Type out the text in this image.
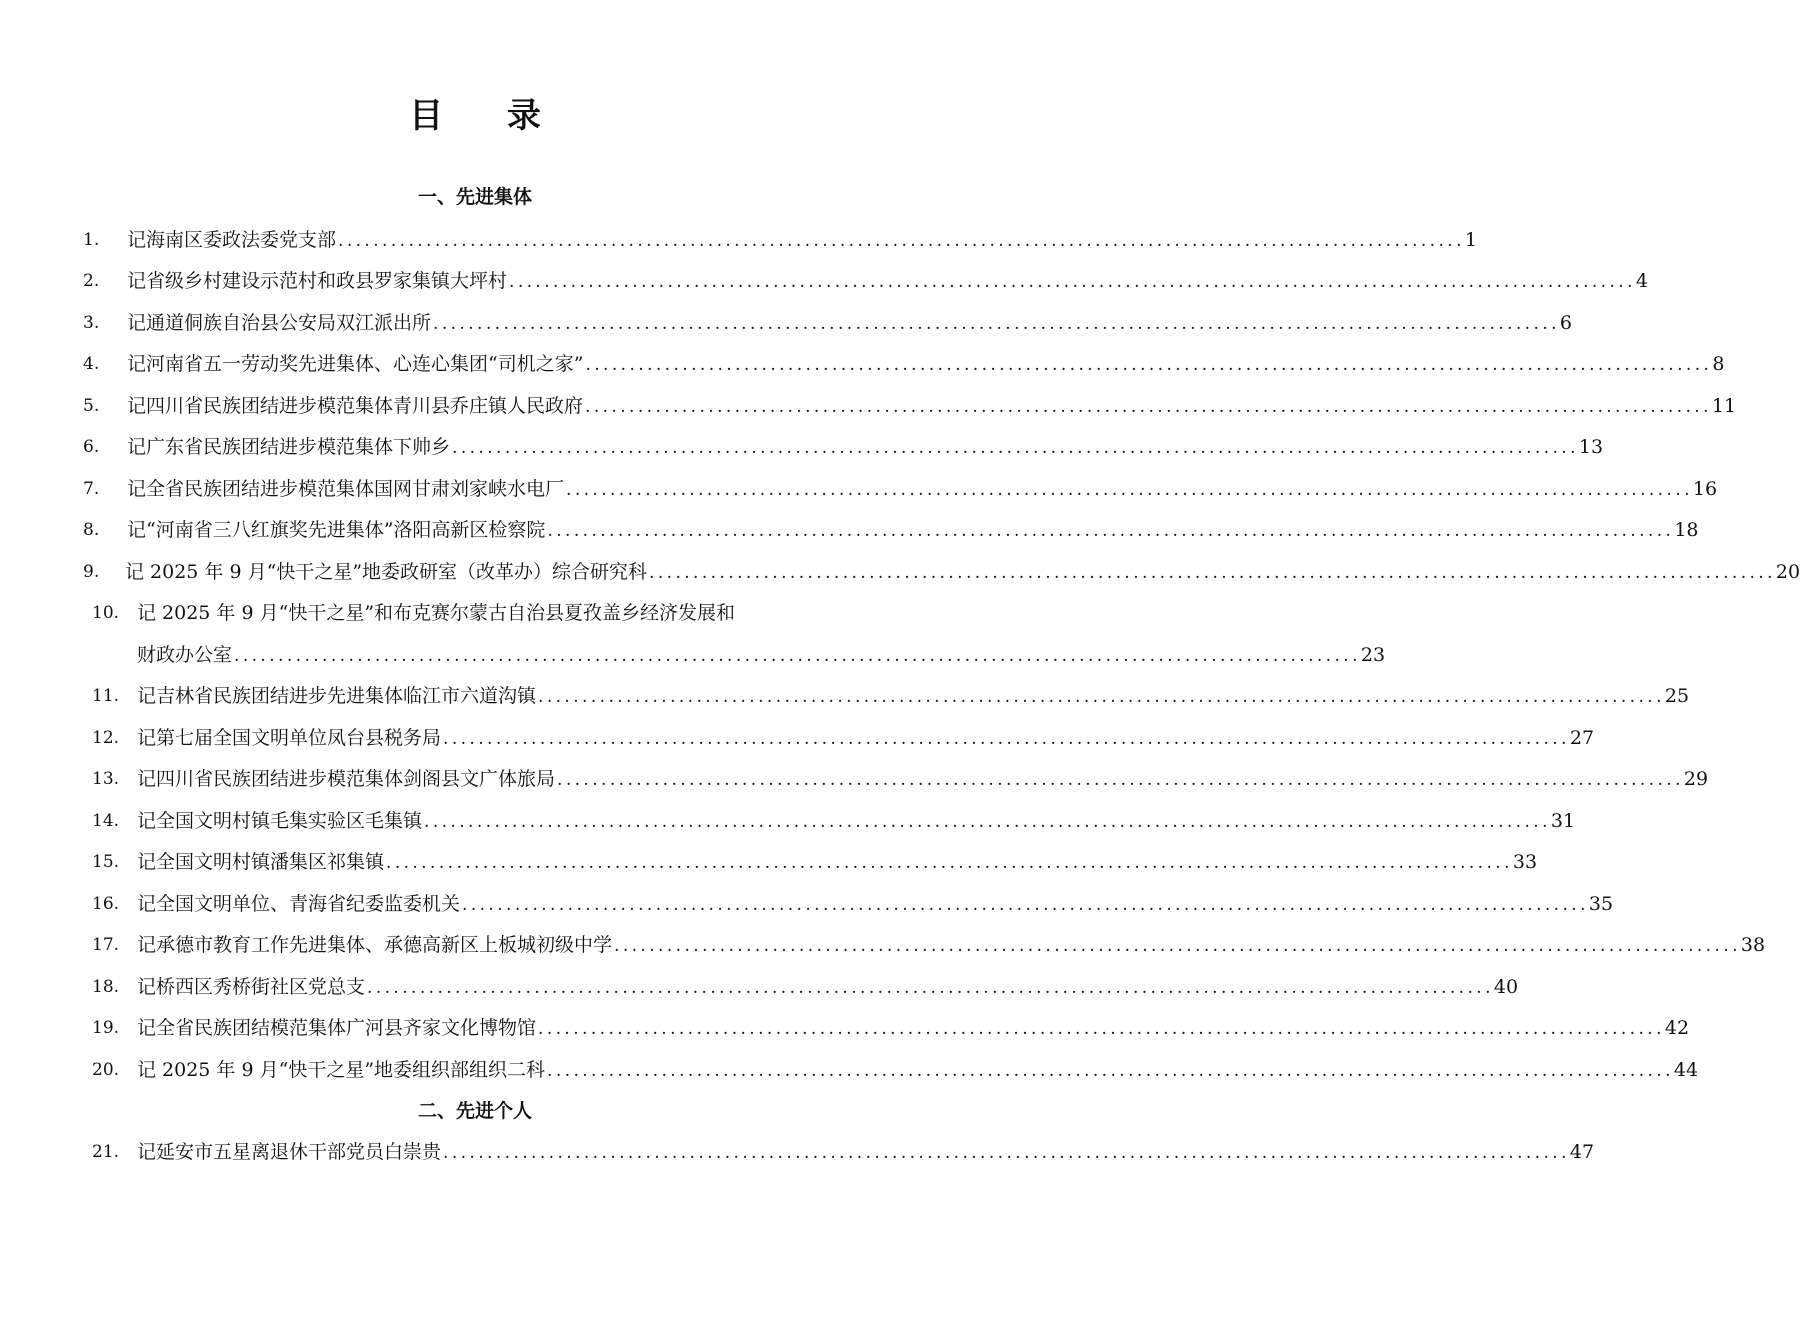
目 录
一、先进集体
1. 记海南区委政法委党支部 ................................................................................................................................ 1
2. 记省级乡村建设示范村和政县罗家集镇大坪村 ................................................................................................................................ 4
3. 记通道侗族自治县公安局双江派出所 ................................................................................................................................ 6
4. 记河南省五一劳动奖先进集体、心连心集团“司机之家” ................................................................................................................................ 8
5. 记四川省民族团结进步模范集体青川县乔庄镇人民政府 ................................................................................................................................ 11
6. 记广东省民族团结进步模范集体下帅乡 ................................................................................................................................ 13
7. 记全省民族团结进步模范集体国网甘肃刘家峡水电厂 ................................................................................................................................ 16
8. 记“河南省三八红旗奖先进集体”洛阳高新区检察院 ................................................................................................................................ 18
9. 记 2025 年 9 月“快干之星”地委政研室（改革办）综合研究科 ................................................................................................................................ 20
10. 记 2025 年 9 月“快干之星”和布克赛尔蒙古自治县夏孜盖乡经济发展和
财政办公室 ................................................................................................................................ 23
11. 记吉林省民族团结进步先进集体临江市六道沟镇 ................................................................................................................................ 25
12. 记第七届全国文明单位凤台县税务局 ................................................................................................................................ 27
13. 记四川省民族团结进步模范集体剑阁县文广体旅局 ................................................................................................................................ 29
14. 记全国文明村镇毛集实验区毛集镇 ................................................................................................................................ 31
15. 记全国文明村镇潘集区祁集镇 ................................................................................................................................ 33
16. 记全国文明单位、青海省纪委监委机关 ................................................................................................................................ 35
17. 记承德市教育工作先进集体、承德高新区上板城初级中学 ................................................................................................................................ 38
18. 记桥西区秀桥街社区党总支 ................................................................................................................................ 40
19. 记全省民族团结模范集体广河县齐家文化博物馆 ................................................................................................................................ 42
20. 记 2025 年 9 月“快干之星”地委组织部组织二科 ................................................................................................................................ 44
二、先进个人
21. 记延安市五星离退休干部党员白崇贵 ................................................................................................................................ 47
